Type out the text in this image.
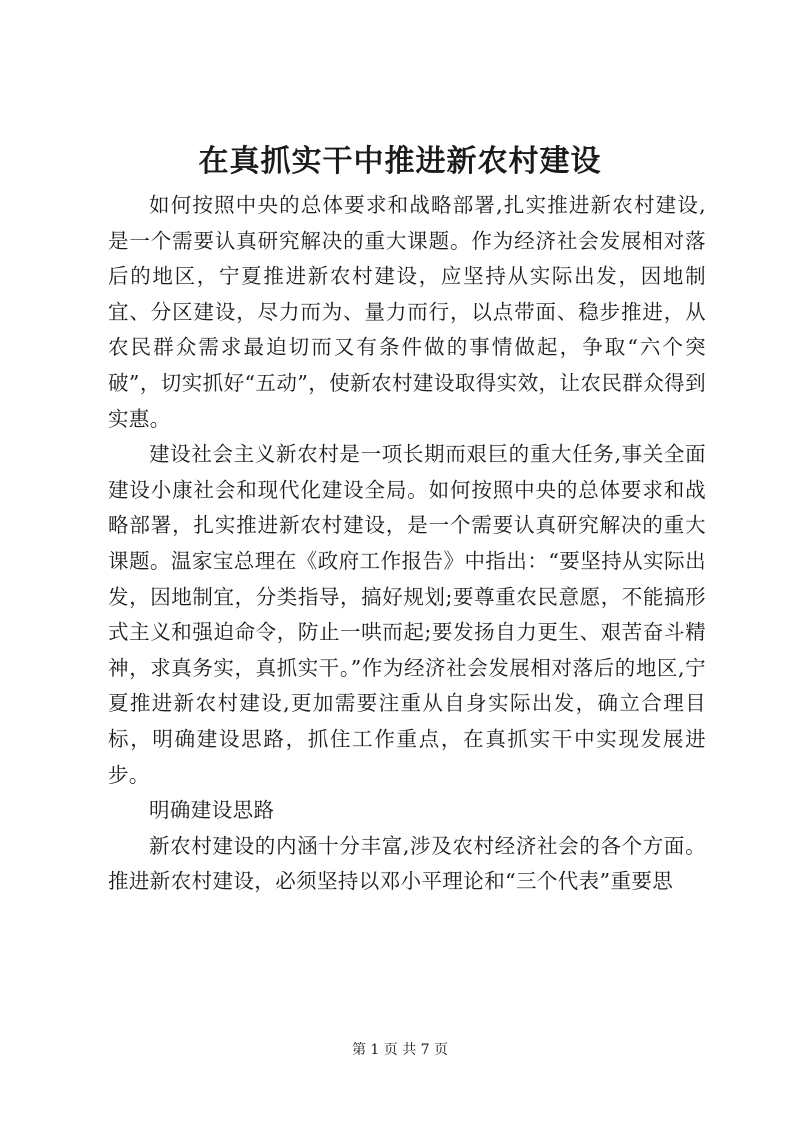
在真抓实干中推进新农村建设

如何按照中央的总体要求和战略部署,扎实推进新农村建设,是一个需要认真研究解决的重大课题。作为经济社会发展相对落后的地区，宁夏推进新农村建设，应坚持从实际出发，因地制宜、分区建设，尽力而为、量力而行，以点带面、稳步推进，从农民群众需求最迫切而又有条件做的事情做起，争取“六个突破”，切实抓好“五动”，使新农村建设取得实效，让农民群众得到实惠。

建设社会主义新农村是一项长期而艰巨的重大任务,事关全面建设小康社会和现代化建设全局。如何按照中央的总体要求和战略部署，扎实推进新农村建设，是一个需要认真研究解决的重大课题。温家宝总理在《政府工作报告》中指出：“要坚持从实际出发，因地制宜，分类指导，搞好规划;要尊重农民意愿，不能搞形式主义和强迫命令，防止一哄而起;要发扬自力更生、艰苦奋斗精神，求真务实，真抓实干。”作为经济社会发展相对落后的地区,宁夏推进新农村建设,更加需要注重从自身实际出发，确立合理目标，明确建设思路，抓住工作重点，在真抓实干中实现发展进步。

明确建设思路

新农村建设的内涵十分丰富,涉及农村经济社会的各个方面。推进新农村建设，必须坚持以邓小平理论和“三个代表”重要思

第 1 页 共 7 页
